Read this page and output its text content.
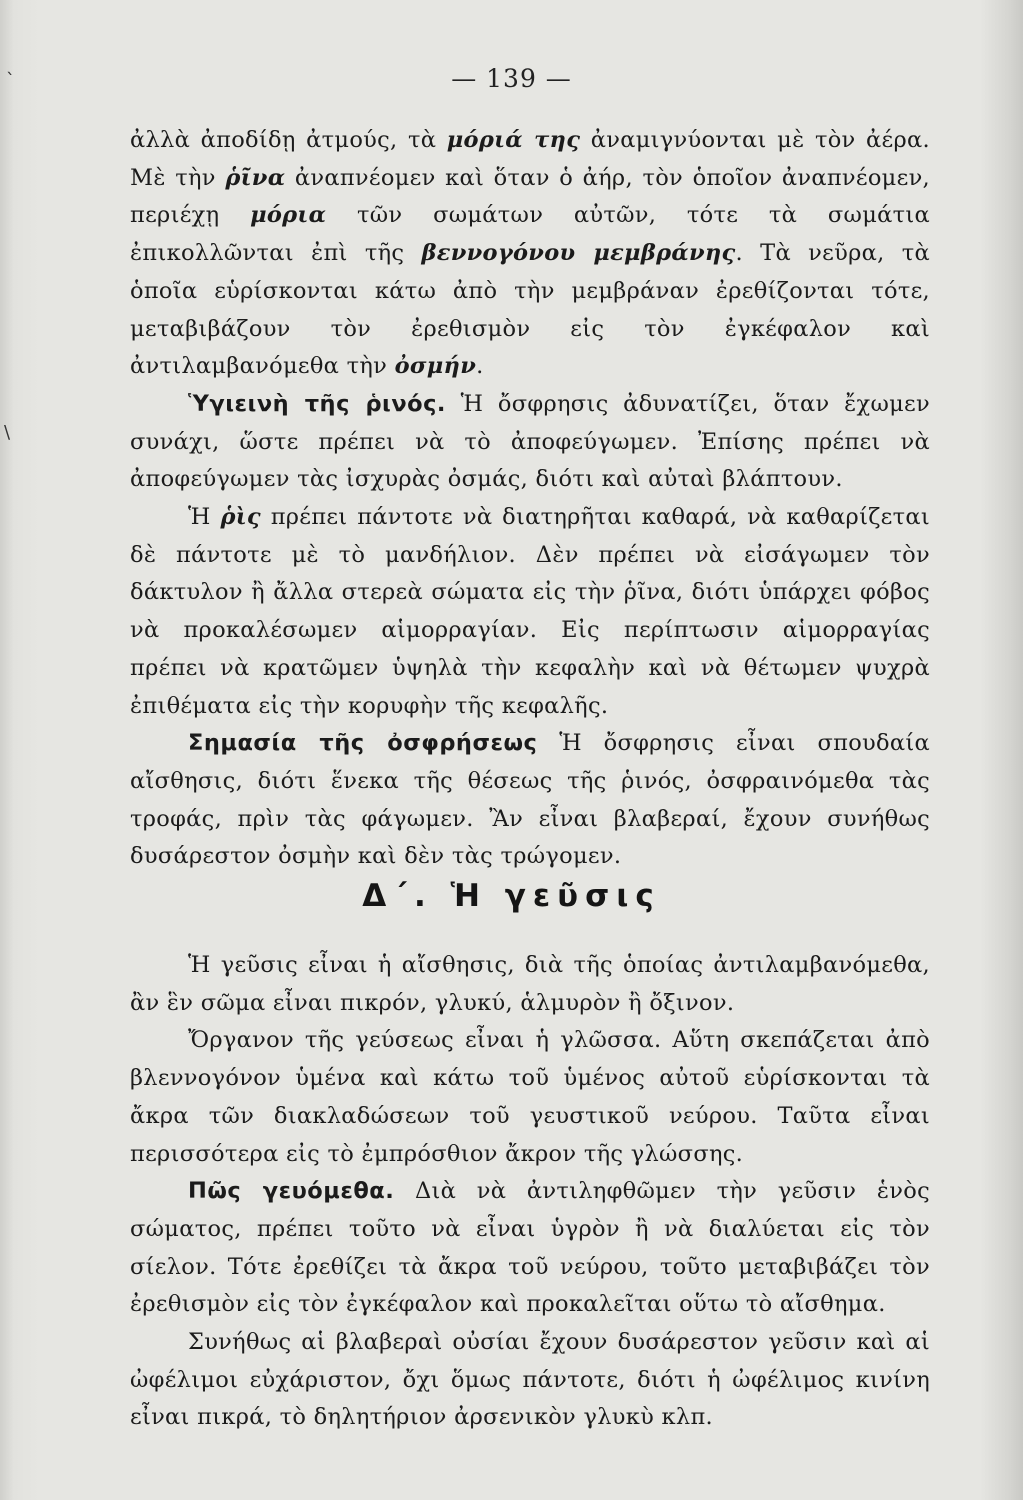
— 139 —
`
\

ἀλλὰ ἀποδίδῃ ἀτμούς, τὰ μόριά της ἀναμιγνύονται μὲ τὸν ἀέρα. Μὲ τὴν ῥῖνα ἀναπνέομεν καὶ ὅταν ὁ ἀήρ, τὸν ὁποῖον ἀναπνέομεν, περιέχῃ μόρια τῶν σωμάτων αὐτῶν, τότε τὰ σωμάτια ἐπικολλῶνται ἐπὶ τῆς βεννογόνου μεμβράνης. Τὰ νεῦρα, τὰ ὁποῖα εὑρίσκονται κάτω ἀπὸ τὴν μεμβράναν ἐρεθίζονται τότε, μεταβιβάζουν τὸν ἐρεθισμὸν εἰς τὸν ἐγκέφαλον καὶ ἀντιλαμβανόμεθα τὴν ὀσμήν.

Ὑγιεινὴ τῆς ῥινός. Ἡ ὄσφρησις ἀδυνατίζει, ὅταν ἔχωμεν συνάχι, ὥστε πρέπει νὰ τὸ ἀποφεύγωμεν. Ἐπίσης πρέπει νὰ ἀποφεύγωμεν τὰς ἰσχυρὰς ὀσμάς, διότι καὶ αὐταὶ βλάπτουν.

Ἡ ῥὶς πρέπει πάντοτε νὰ διατηρῆται καθαρά, νὰ καθαρίζεται δὲ πάντοτε μὲ τὸ μανδήλιον. Δὲν πρέπει νὰ εἰσάγωμεν τὸν δάκτυλον ἢ ἄλλα στερεὰ σώματα εἰς τὴν ῥῖνα, διότι ὑπάρχει φόβος νὰ προκαλέσωμεν αἱμορραγίαν. Εἰς περίπτωσιν αἱμορραγίας πρέπει νὰ κρατῶμεν ὑψηλὰ τὴν κεφαλὴν καὶ νὰ θέτωμεν ψυχρὰ ἐπιθέματα εἰς τὴν κορυφὴν τῆς κεφαλῆς.

Σημασία τῆς ὀσφρήσεως Ἡ ὄσφρησις εἶναι σπουδαία αἴσθησις, διότι ἕνεκα τῆς θέσεως τῆς ῥινός, ὀσφραινόμεθα τὰς τροφάς, πρὶν τὰς φάγωμεν. Ἂν εἶναι βλαβεραί, ἔχουν συνήθως δυσάρεστον ὀσμὴν καὶ δὲν τὰς τρώγομεν.

Δ΄. Ἡ γεῦσις

Ἡ γεῦσις εἶναι ἡ αἴσθησις, διὰ τῆς ὁποίας ἀντιλαμβανόμεθα, ἂν ἓν σῶμα εἶναι πικρόν, γλυκύ, ἁλμυρὸν ἢ ὄξινον.

Ὄργανον τῆς γεύσεως εἶναι ἡ γλῶσσα. Αὕτη σκεπάζεται ἀπὸ βλεννογόνον ὑμένα καὶ κάτω τοῦ ὑμένος αὐτοῦ εὑρίσκονται τὰ ἄκρα τῶν διακλαδώσεων τοῦ γευστικοῦ νεύρου. Ταῦτα εἶναι περισσότερα εἰς τὸ ἐμπρόσθιον ἄκρον τῆς γλώσσης.

Πῶς γευόμεθα. Διὰ νὰ ἀντιληφθῶμεν τὴν γεῦσιν ἑνὸς σώματος, πρέπει τοῦτο νὰ εἶναι ὑγρὸν ἢ νὰ διαλύεται εἰς τὸν σίελον. Τότε ἐρεθίζει τὰ ἄκρα τοῦ νεύρου, τοῦτο μεταβιβάζει τὸν ἐρεθισμὸν εἰς τὸν ἐγκέφαλον καὶ προκαλεῖται οὕτω τὸ αἴσθημα.

Συνήθως αἱ βλαβεραὶ οὐσίαι ἔχουν δυσάρεστον γεῦσιν καὶ αἱ ὠφέλιμοι εὐχάριστον, ὄχι ὅμως πάντοτε, διότι ἡ ὠφέλιμος κινίνη εἶναι πικρά, τὸ δηλητήριον ἀρσενικὸν γλυκὺ κλπ.
